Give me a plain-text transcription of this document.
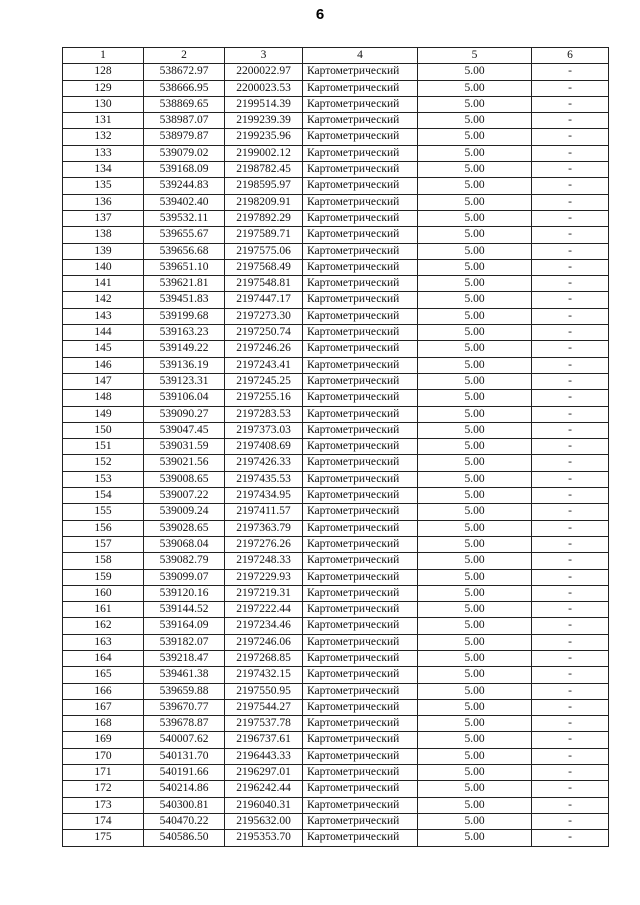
6
1	2	3	4	5	6
128	538672.97	2200022.97	Картометрический	5.00	-
129	538666.95	2200023.53	Картометрический	5.00	-
130	538869.65	2199514.39	Картометрический	5.00	-
131	538987.07	2199239.39	Картометрический	5.00	-
132	538979.87	2199235.96	Картометрический	5.00	-
133	539079.02	2199002.12	Картометрический	5.00	-
134	539168.09	2198782.45	Картометрический	5.00	-
135	539244.83	2198595.97	Картометрический	5.00	-
136	539402.40	2198209.91	Картометрический	5.00	-
137	539532.11	2197892.29	Картометрический	5.00	-
138	539655.67	2197589.71	Картометрический	5.00	-
139	539656.68	2197575.06	Картометрический	5.00	-
140	539651.10	2197568.49	Картометрический	5.00	-
141	539621.81	2197548.81	Картометрический	5.00	-
142	539451.83	2197447.17	Картометрический	5.00	-
143	539199.68	2197273.30	Картометрический	5.00	-
144	539163.23	2197250.74	Картометрический	5.00	-
145	539149.22	2197246.26	Картометрический	5.00	-
146	539136.19	2197243.41	Картометрический	5.00	-
147	539123.31	2197245.25	Картометрический	5.00	-
148	539106.04	2197255.16	Картометрический	5.00	-
149	539090.27	2197283.53	Картометрический	5.00	-
150	539047.45	2197373.03	Картометрический	5.00	-
151	539031.59	2197408.69	Картометрический	5.00	-
152	539021.56	2197426.33	Картометрический	5.00	-
153	539008.65	2197435.53	Картометрический	5.00	-
154	539007.22	2197434.95	Картометрический	5.00	-
155	539009.24	2197411.57	Картометрический	5.00	-
156	539028.65	2197363.79	Картометрический	5.00	-
157	539068.04	2197276.26	Картометрический	5.00	-
158	539082.79	2197248.33	Картометрический	5.00	-
159	539099.07	2197229.93	Картометрический	5.00	-
160	539120.16	2197219.31	Картометрический	5.00	-
161	539144.52	2197222.44	Картометрический	5.00	-
162	539164.09	2197234.46	Картометрический	5.00	-
163	539182.07	2197246.06	Картометрический	5.00	-
164	539218.47	2197268.85	Картометрический	5.00	-
165	539461.38	2197432.15	Картометрический	5.00	-
166	539659.88	2197550.95	Картометрический	5.00	-
167	539670.77	2197544.27	Картометрический	5.00	-
168	539678.87	2197537.78	Картометрический	5.00	-
169	540007.62	2196737.61	Картометрический	5.00	-
170	540131.70	2196443.33	Картометрический	5.00	-
171	540191.66	2196297.01	Картометрический	5.00	-
172	540214.86	2196242.44	Картометрический	5.00	-
173	540300.81	2196040.31	Картометрический	5.00	-
174	540470.22	2195632.00	Картометрический	5.00	-
175	540586.50	2195353.70	Картометрический	5.00	-
